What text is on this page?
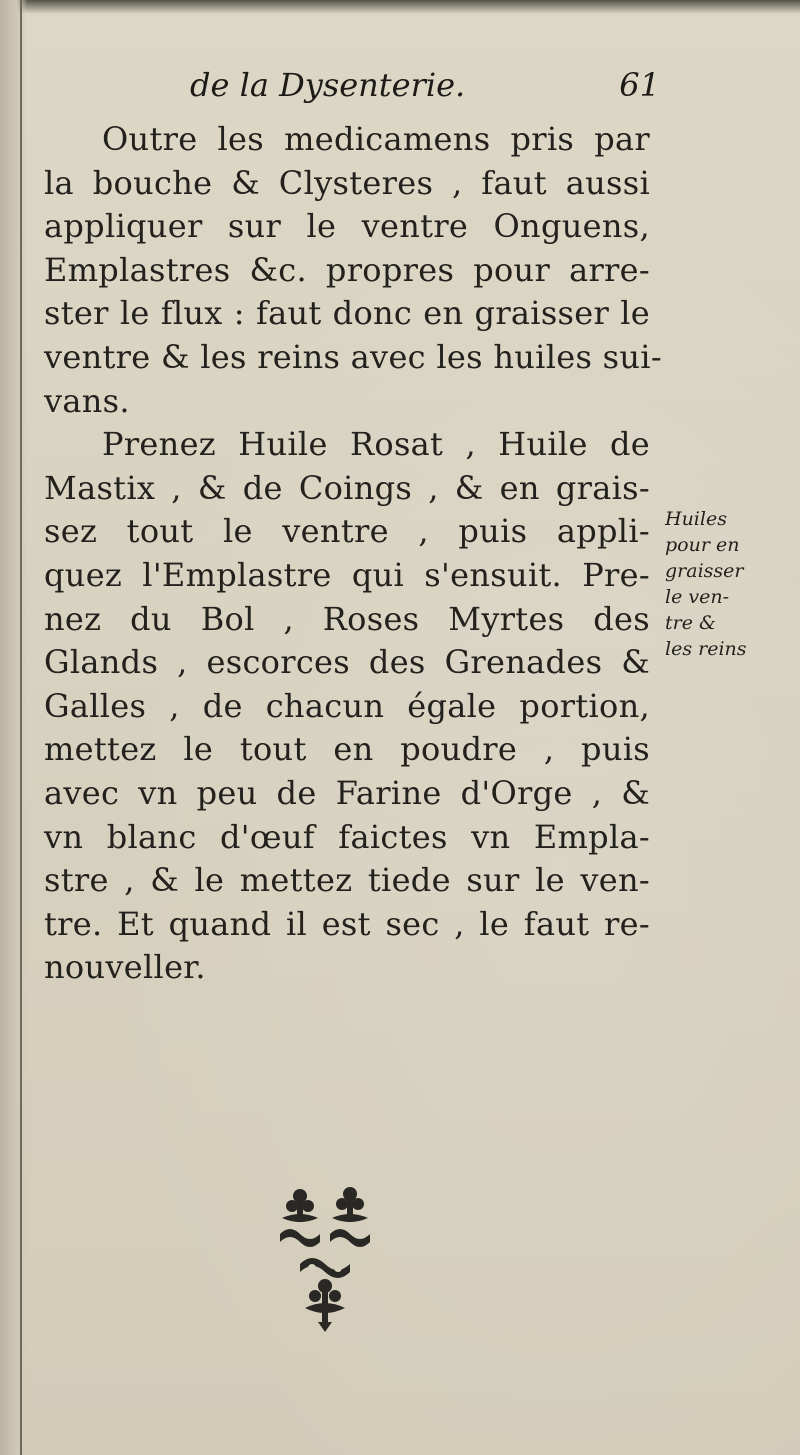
de la Dysenterie.	61
Outre les medicamens pris par
la bouche & Clysteres , faut aussi
appliquer sur le ventre Onguens,
Emplastres &c. propres pour arre-
ster le flux : faut donc en graisser le
ventre & les reins avec les huiles sui-
vans.
Prenez Huile Rosat , Huile de
Mastix , & de Coings , & en grais-
sez tout le ventre , puis appli-
quez l'Emplastre qui s'ensuit. Pre-
nez du Bol , Roses Myrtes des
Glands , escorces des Grenades &
Galles , de chacun égale portion,
mettez le tout en poudre , puis
avec vn peu de Farine d'Orge , &
vn blanc d'œuf faictes vn Empla-
stre , & le mettez tiede sur le ven-
tre. Et quand il est sec , le faut re-
nouveller.
Huiles
pour en
graisser
le ven-
tre &
les reins
